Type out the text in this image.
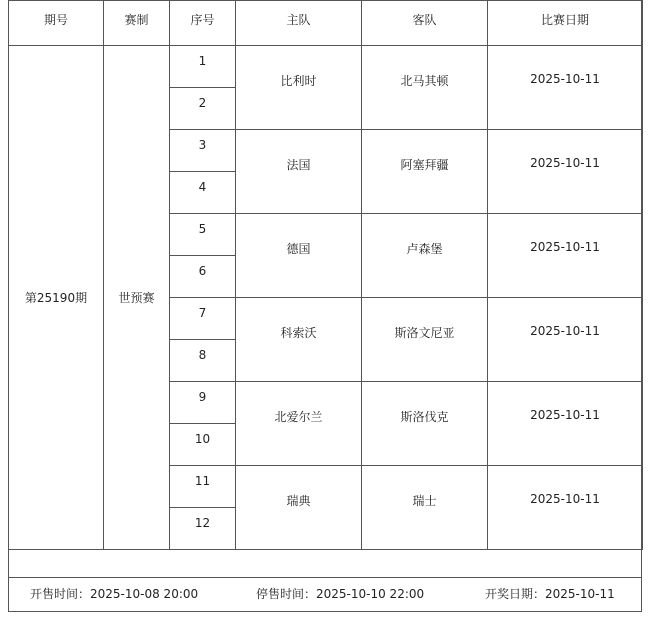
期号	赛制	序号	主队	客队	比赛日期
第25190期	世预赛	1	比利时	北马其顿	2025-10-11
		2			
		3	法国	阿塞拜疆	2025-10-11
		4			
		5	德国	卢森堡	2025-10-11
		6			
		7	科索沃	斯洛文尼亚	2025-10-11
		8			
		9	北爱尔兰	斯洛伐克	2025-10-11
		10			
		11	瑞典	瑞士	2025-10-11
		12			
开售时间：2025-10-08 20:00	停售时间：2025-10-10 22:00	开奖日期：2025-10-11
